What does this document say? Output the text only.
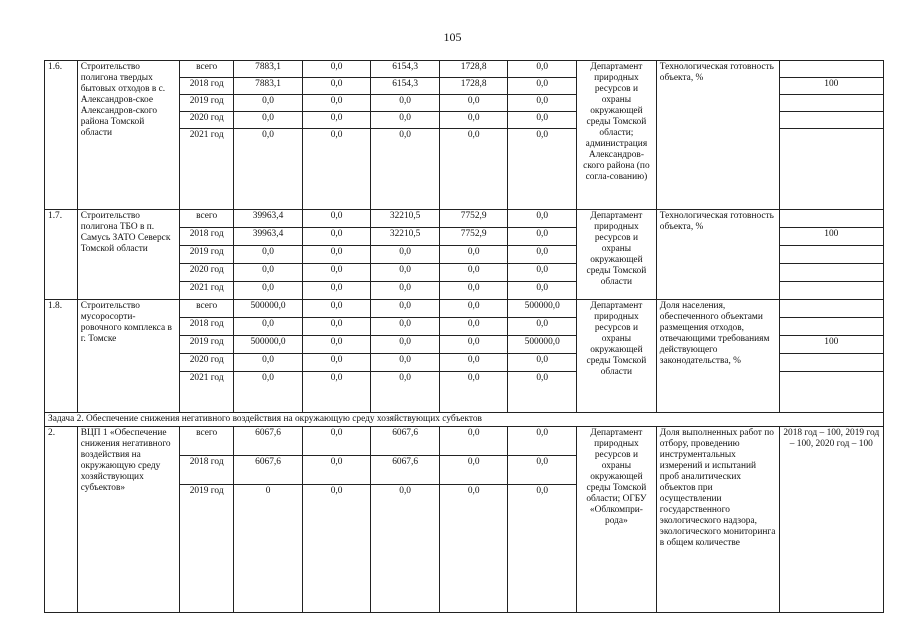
105
1.6.	Строительство полигона твердых бытовых отходов в с. Александров-ское Александров-ского района Томской области	всего	7883,1	0,0	6154,3	1728,8	0,0	Департамент природных ресурсов и охраны окружающей среды Томской области; администрация Александров-ского района (по согла-сованию)	Технологическая готовность объекта, %	
		2018 год	7883,1	0,0	6154,3	1728,8	0,0			100
		2019 год	0,0	0,0	0,0	0,0	0,0			
		2020 год	0,0	0,0	0,0	0,0	0,0			
		2021 год	0,0	0,0	0,0	0,0	0,0			
1.7.	Строительство полигона ТБО в п. Самусь ЗАТО Северск Томской области	всего	39963,4	0,0	32210,5	7752,9	0,0	Департамент природных ресурсов и охраны окружающей среды Томской области	Технологическая готовность объекта, %	
		2018 год	39963,4	0,0	32210,5	7752,9	0,0			100
		2019 год	0,0	0,0	0,0	0,0	0,0			
		2020 год	0,0	0,0	0,0	0,0	0,0			
		2021 год	0,0	0,0	0,0	0,0	0,0			
1.8.	Строительство мусоросорти-ровочного комплекса в г. Томске	всего	500000,0	0,0	0,0	0,0	500000,0	Департамент природных ресурсов и охраны окружающей среды Томской области	Доля населения, обеспеченного объектами размещения отходов, отвечающими требованиям действующего законодательства, %	
		2018 год	0,0	0,0	0,0	0,0	0,0			
		2019 год	500000,0	0,0	0,0	0,0	500000,0			100
		2020 год	0,0	0,0	0,0	0,0	0,0			
		2021 год	0,0	0,0	0,0	0,0	0,0			
Задача 2. Обеспечение снижения негативного воздействия на окружающую среду хозяйствующих субъектов										
2.	ВЦП 1 «Обеспечение снижения негативного воздействия на окружающую среду хозяйствующих субъектов»	всего	6067,6	0,0	6067,6	0,0	0,0	Департамент природных ресурсов и охраны окружающей среды Томской области; ОГБУ «Облкомпри-рода»	Доля выполненных работ по отбору, проведению инструментальных измерений и испытаний проб аналитических объектов при осуществлении государственного экологического надзора, экологического мониторинга в общем количестве	2018 год – 100, 2019 год – 100, 2020 год – 100
		2018 год	6067,6	0,0	6067,6	0,0	0,0			
		2019 год	0	0,0	0,0	0,0	0,0			
